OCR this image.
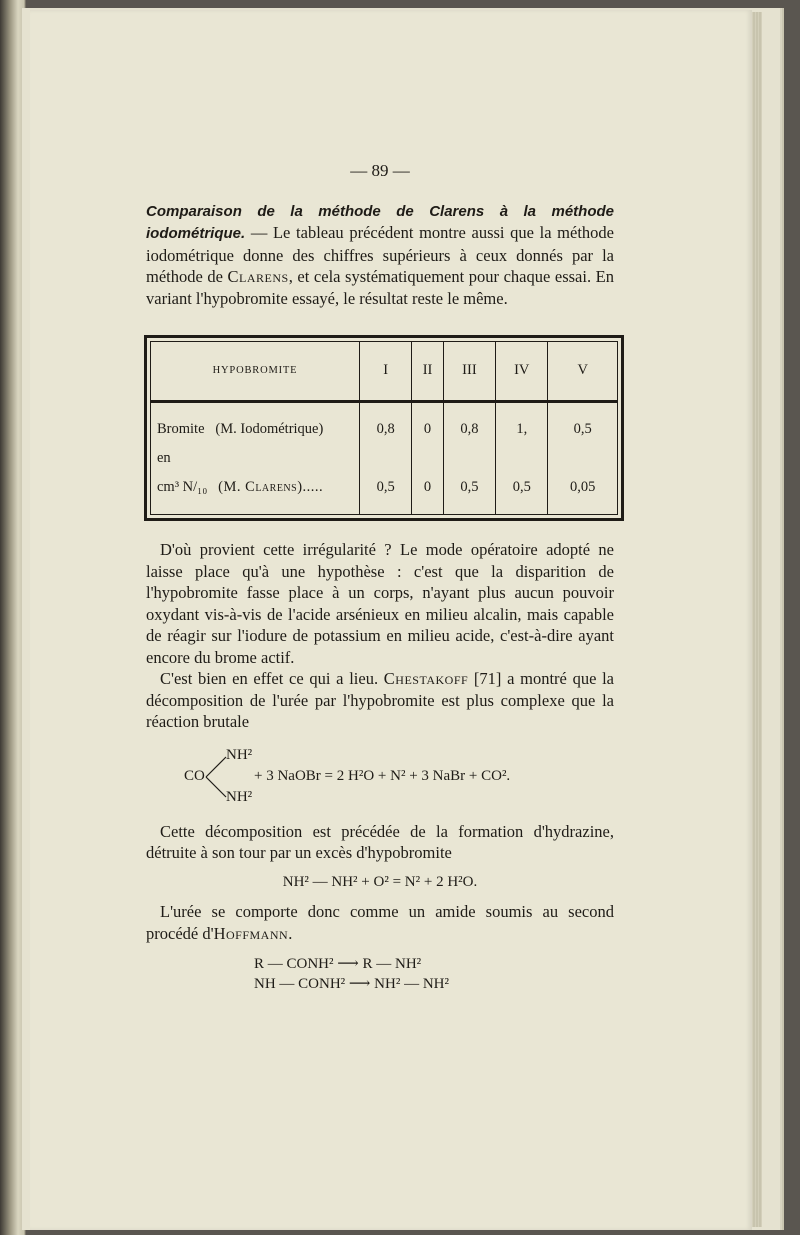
— 89 —

Comparaison de la méthode de Clarens à la méthode iodométrique. — Le tableau précédent montre aussi que la méthode iodométrique donne des chiffres supérieurs à ceux donnés par la méthode de Clarens, et cela systématiquement pour chaque essai. En variant l'hypobromite essayé, le résultat reste le même.

HYPOBROMITE	I	II	III	IV	V

Bromite (M. Iodométrique)	0,8	0	0,8	1,	0,5
en					
cm³ N/₁₀ (M. Clarens).....	0,5	0	0,5	0,5	0,05

D'où provient cette irrégularité ? Le mode opératoire adopté ne laisse place qu'à une hypothèse : c'est que la disparition de l'hypobromite fasse place à un corps, n'ayant plus aucun pouvoir oxydant vis-à-vis de l'acide arsénieux en milieu alcalin, mais capable de réagir sur l'iodure de potassium en milieu acide, c'est-à-dire ayant encore du brome actif.

C'est bien en effet ce qui a lieu. Chestakoff [71] a montré que la décomposition de l'urée par l'hypobromite est plus complexe que la réaction brutale

CO
NH²
NH²
+ 3 NaOBr = 2 H²O + N² + 3 NaBr + CO².

Cette décomposition est précédée de la formation d'hydrazine, détruite à son tour par un excès d'hypobromite

NH² — NH² + O² = N² + 2 H²O.

L'urée se comporte donc comme un amide soumis au second procédé d'Hoffmann.

R — CONH² ⟶ R — NH²
NH — CONH² ⟶ NH² — NH²
